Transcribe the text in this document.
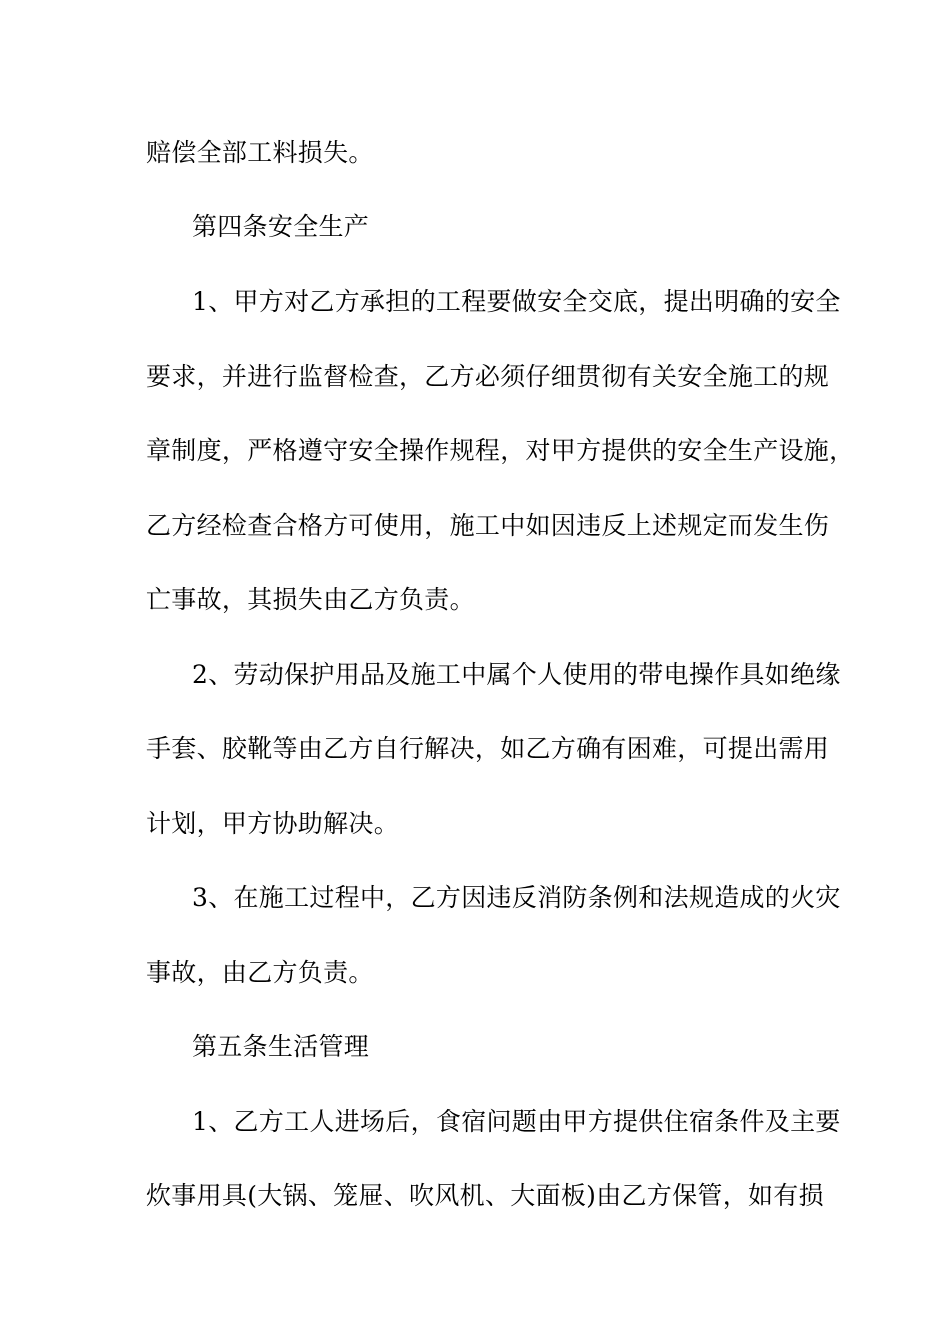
赔偿全部工料损失。
第四条安全生产
1、甲方对乙方承担的工程要做安全交底，提出明确的安全
要求，并进行监督检查，乙方必须仔细贯彻有关安全施工的规
章制度，严格遵守安全操作规程，对甲方提供的安全生产设施，
乙方经检查合格方可使用，施工中如因违反上述规定而发生伤
亡事故，其损失由乙方负责。
2、劳动保护用品及施工中属个人使用的带电操作具如绝缘
手套、胶靴等由乙方自行解决，如乙方确有困难，可提出需用
计划，甲方协助解决。
3、在施工过程中，乙方因违反消防条例和法规造成的火灾
事故，由乙方负责。
第五条生活管理
1、乙方工人进场后，食宿问题由甲方提供住宿条件及主要
炊事用具(大锅、笼屉、吹风机、大面板)由乙方保管，如有损
